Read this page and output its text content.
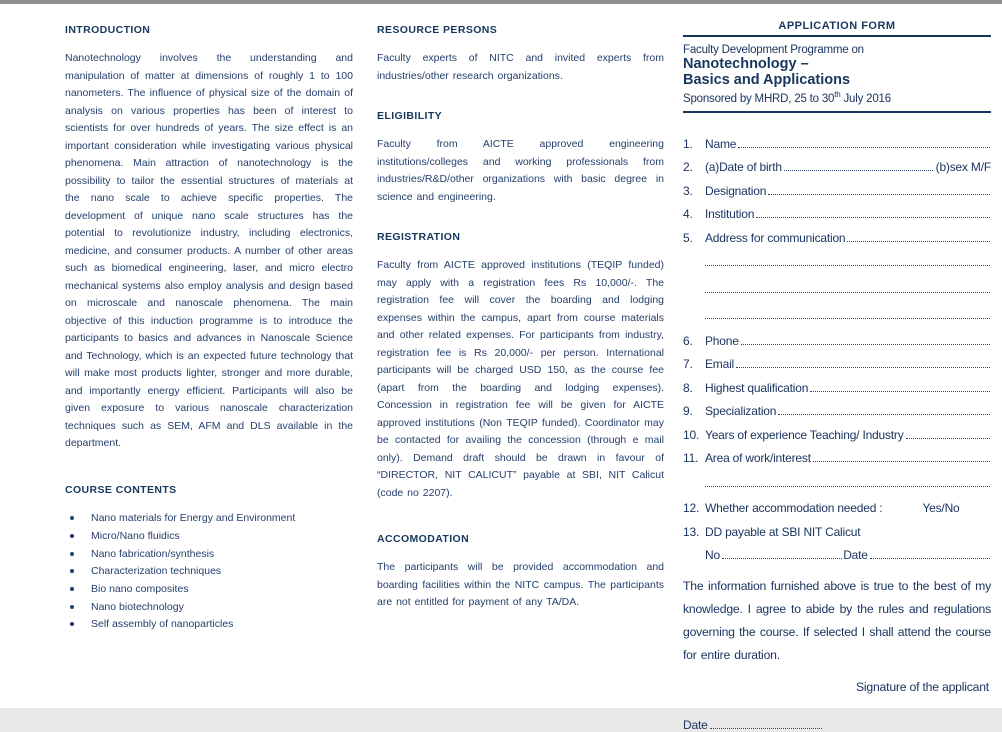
INTRODUCTION
Nanotechnology involves the understanding and manipulation of matter at dimensions of roughly 1 to 100 nanometers. The influence of physical size of the domain of analysis on various properties has been of interest to scientists for over hundreds of years. The size effect is an important consideration while investigating various physical phenomena. Main attraction of nanotechnology is the possibility to tailor the essential structures of materials at the nano scale to achieve specific properties. The development of unique nano scale structures has the potential to revolutionize industry, including electronics, medicine, and consumer products. A number of other areas such as biomedical engineering, laser, and micro electro mechanical systems also employ analysis and design based on microscale and nanoscale phenomena. The main objective of this induction programme is to introduce the participants to basics and advances in Nanoscale Science and Technology, which is an expected future technology that will make most products lighter, stronger and more durable, and importantly energy efficient. Participants will also be given exposure to various nanoscale characterization techniques such as SEM, AFM and DLS available in the department.
COURSE CONTENTS
Nano materials for Energy and Environment
Micro/Nano fluidics
Nano fabrication/synthesis
Characterization techniques
Bio nano composites
Nano biotechnology
Self assembly of nanoparticles
RESOURCE PERSONS
Faculty experts of NITC and invited experts from industries/other research organizations.
ELIGIBILITY
Faculty from AICTE approved engineering institutions/colleges and working professionals from industries/R&D/other organizations with basic degree in science and engineering.
REGISTRATION
Faculty from AICTE approved institutions (TEQIP funded) may apply with a registration fees Rs 10,000/-. The registration fee will cover the boarding and lodging expenses within the campus, apart from course materials and other related expenses. For participants from industry, registration fee is Rs 20,000/- per person. International participants will be charged USD 150, as the course fee (apart from the boarding and lodging expenses). Concession in registration fee will be given for AICTE approved institutions (Non TEQIP funded). Coordinator may be contacted for availing the concession (through e mail only). Demand draft should be drawn in favour of “DIRECTOR, NIT CALICUT” payable at SBI, NIT Calicut (code no 2207).
ACCOMODATION
The participants will be provided accommodation and boarding facilities within the NITC campus. The participants are not entitled for payment of any TA/DA.
APPLICATION FORM
Faculty Development Programme on
Nanotechnology –
Basics and Applications
Sponsored by MHRD, 25 to 30th July 2016
1.	Name
2.	(a)Date of birth	(b)sex M/F
3.	Designation
4.	Institution
5.	Address for communication
6.	Phone
7.	Email
8.	Highest qualification
9.	Specialization
10. Years of experience Teaching/ Industry
11. Area of work/interest
12. Whether accommodation needed :	Yes/No
13. DD payable at SBI NIT Calicut
No	Date
The information furnished above is true to the best of my knowledge. I agree to abide by the rules and regulations governing the course. If selected I shall attend the course for entire duration.
Signature of the applicant
Date
